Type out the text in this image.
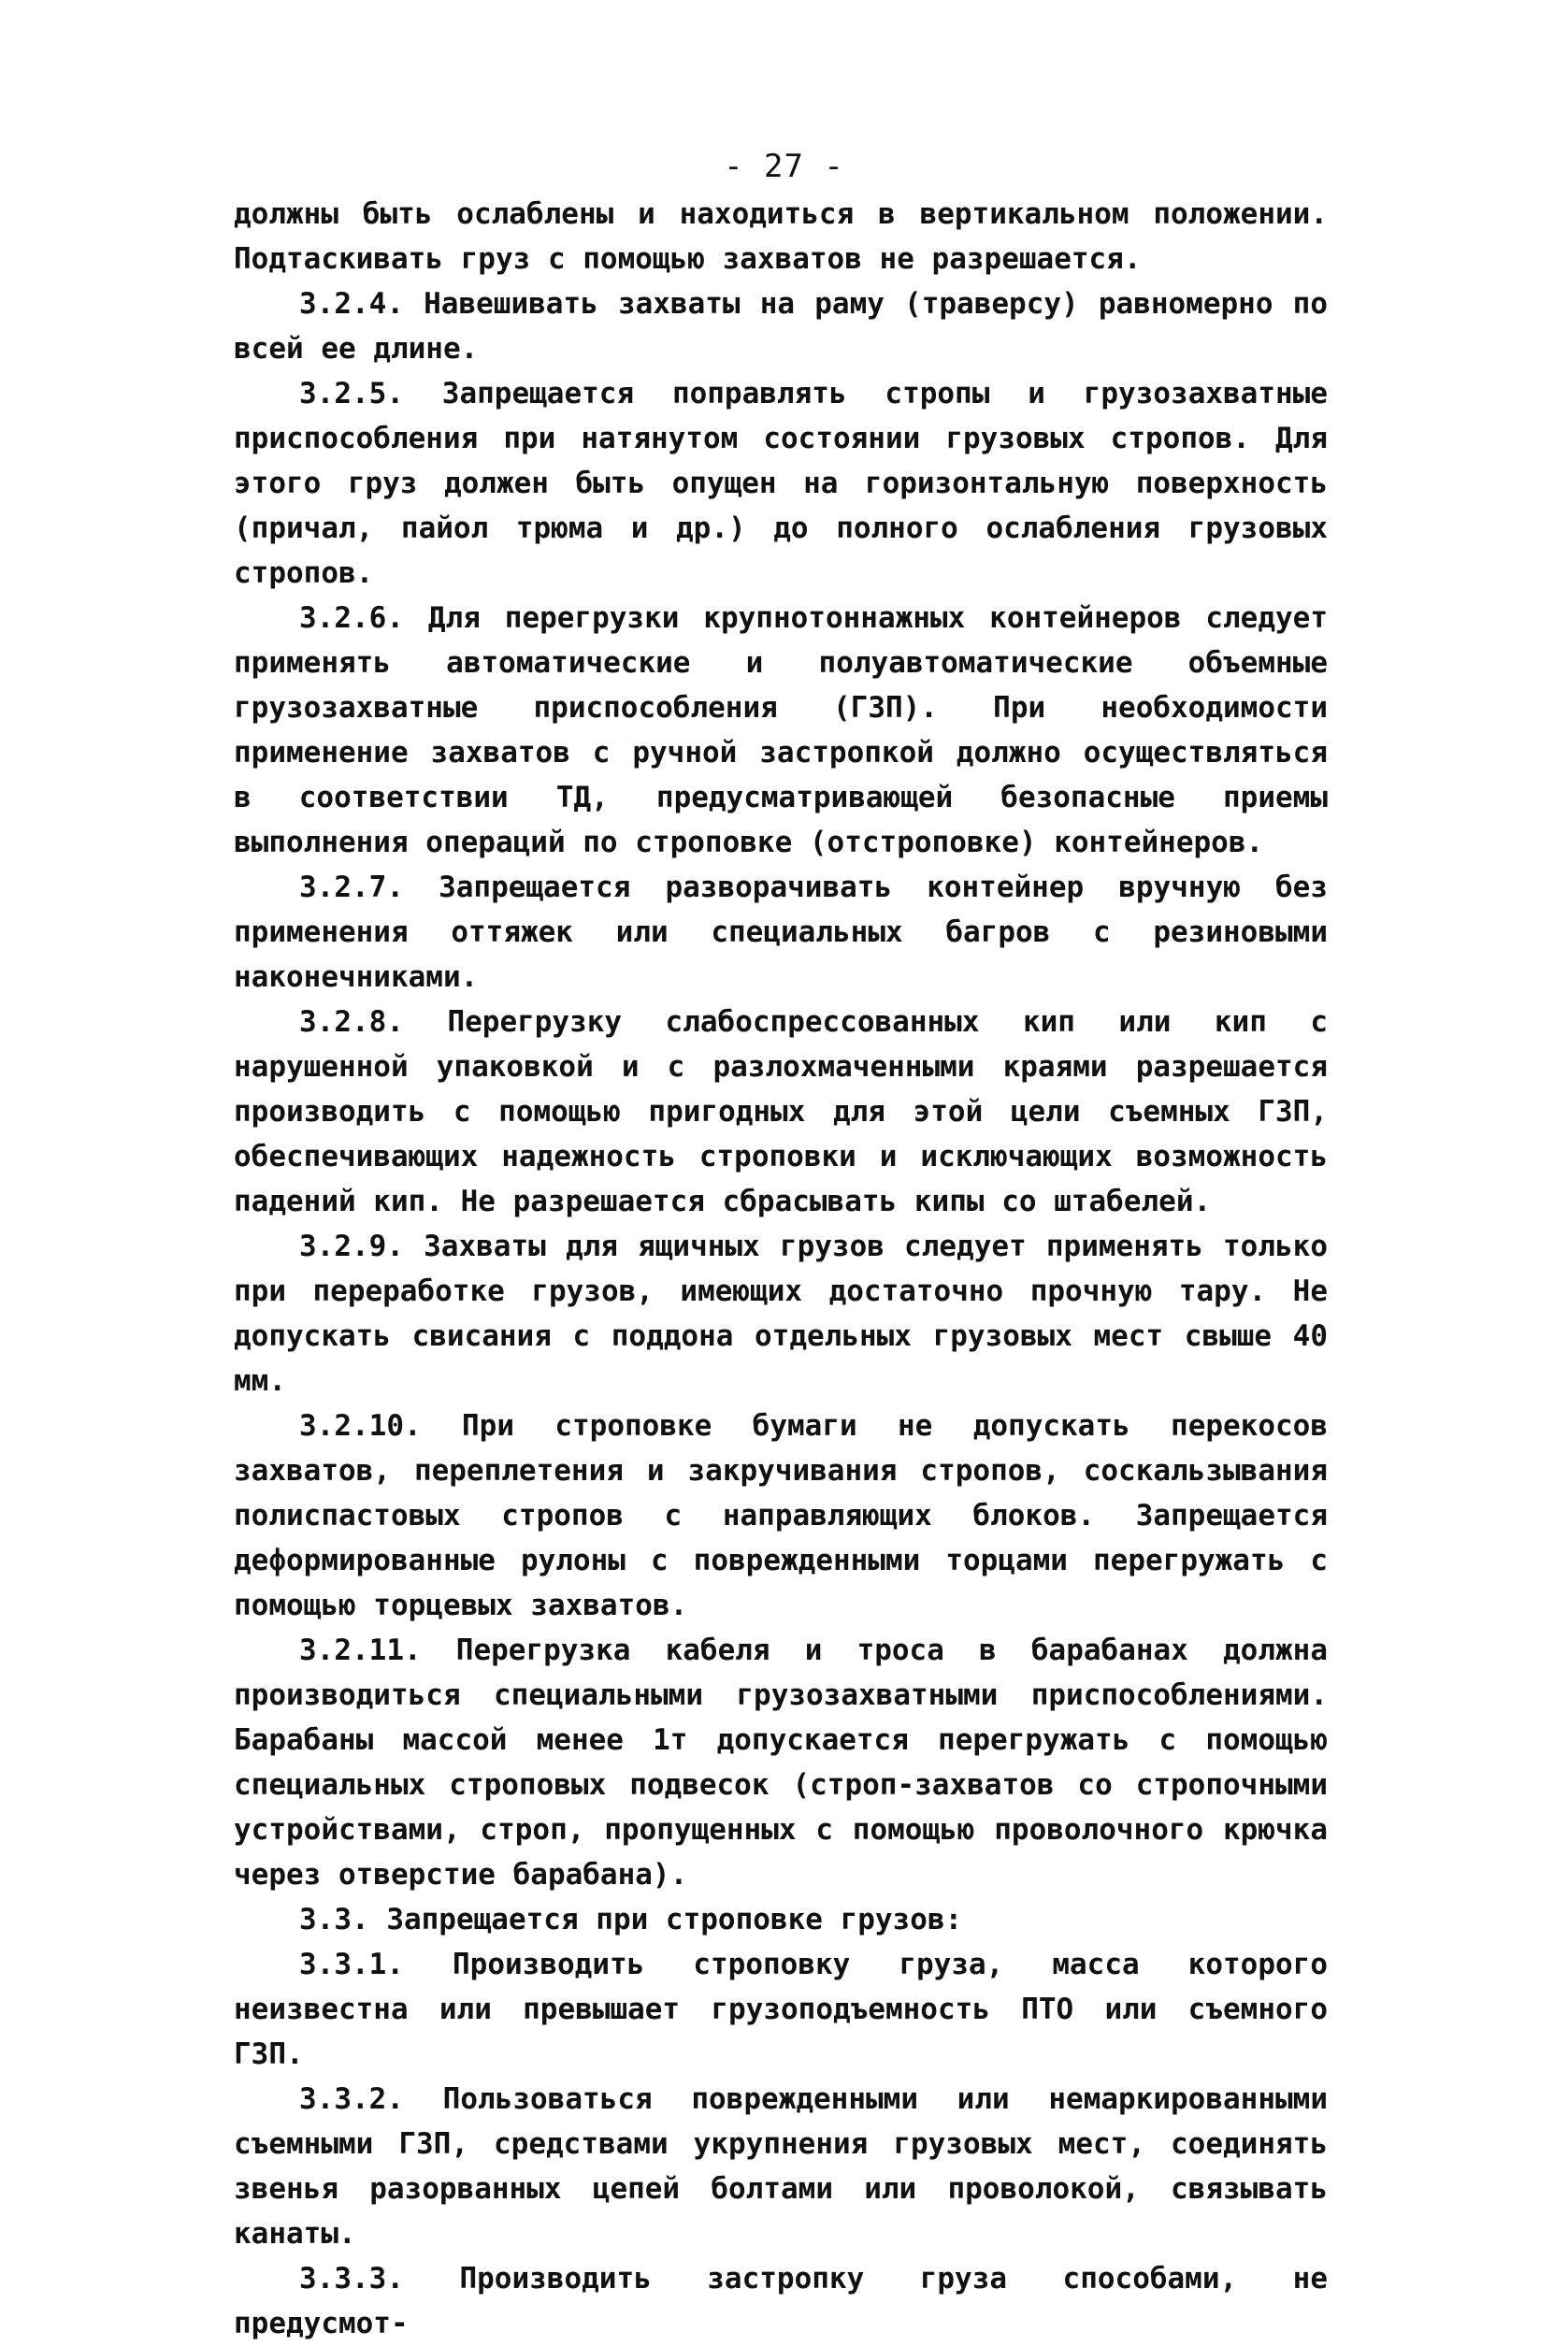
- 27 -

должны быть ослаблены и находиться в вертикальном положении. Подтаскивать груз с помощью захватов не разрешается.

3.2.4. Навешивать захваты на раму (траверсу) равномерно по всей ее длине.

3.2.5. Запрещается поправлять стропы и грузозахватные приспособления при натянутом состоянии грузовых стропов. Для этого груз должен быть опущен на горизонтальную поверхность (причал, пайол трюма и др.) до полного ослабления грузовых стропов.

3.2.6. Для перегрузки крупнотоннажных контейнеров следует применять автоматические и полуавтоматические объемные грузозахватные приспособления (ГЗП). При необходимости применение захватов с ручной застропкой должно осуществляться в соответствии ТД, предусматривающей безопасные приемы выполнения операций по строповке (отстроповке) контейнеров.

3.2.7. Запрещается разворачивать контейнер вручную без применения оттяжек или специальных багров с резиновыми наконечниками.

3.2.8. Перегрузку слабоспрессованных кип или кип с нарушенной упаковкой и с разлохмаченными краями разрешается производить с помощью пригодных для этой цели съемных ГЗП, обеспечивающих надежность строповки и исключающих возможность падений кип. Не разрешается сбрасывать кипы со штабелей.

3.2.9. Захваты для ящичных грузов следует применять только при переработке грузов, имеющих достаточно прочную тару. Не допускать свисания с поддона отдельных грузовых мест свыше 40 мм.

3.2.10. При строповке бумаги не допускать перекосов захватов, переплетения и закручивания стропов, соскальзывания полиспастовых стропов с направляющих блоков. Запрещается деформированные рулоны с поврежденными торцами перегружать с помощью торцевых захватов.

3.2.11. Перегрузка кабеля и троса в барабанах должна производиться специальными грузозахватными приспособлениями. Барабаны массой менее 1т допускается перегружать с помощью специальных строповых подвесок (строп-захватов со стропочными устройствами, строп, пропущенных с помощью проволочного крючка через отверстие барабана).

3.3. Запрещается при строповке грузов:

3.3.1. Производить строповку груза, масса которого неизвестна или превышает грузоподъемность ПТО или съемного ГЗП.

3.3.2. Пользоваться поврежденными или немаркированными съемными ГЗП, средствами укрупнения грузовых мест, соединять звенья разорванных цепей болтами или проволокой, связывать канаты.

3.3.3. Производить застропку груза способами, не предусмот-
